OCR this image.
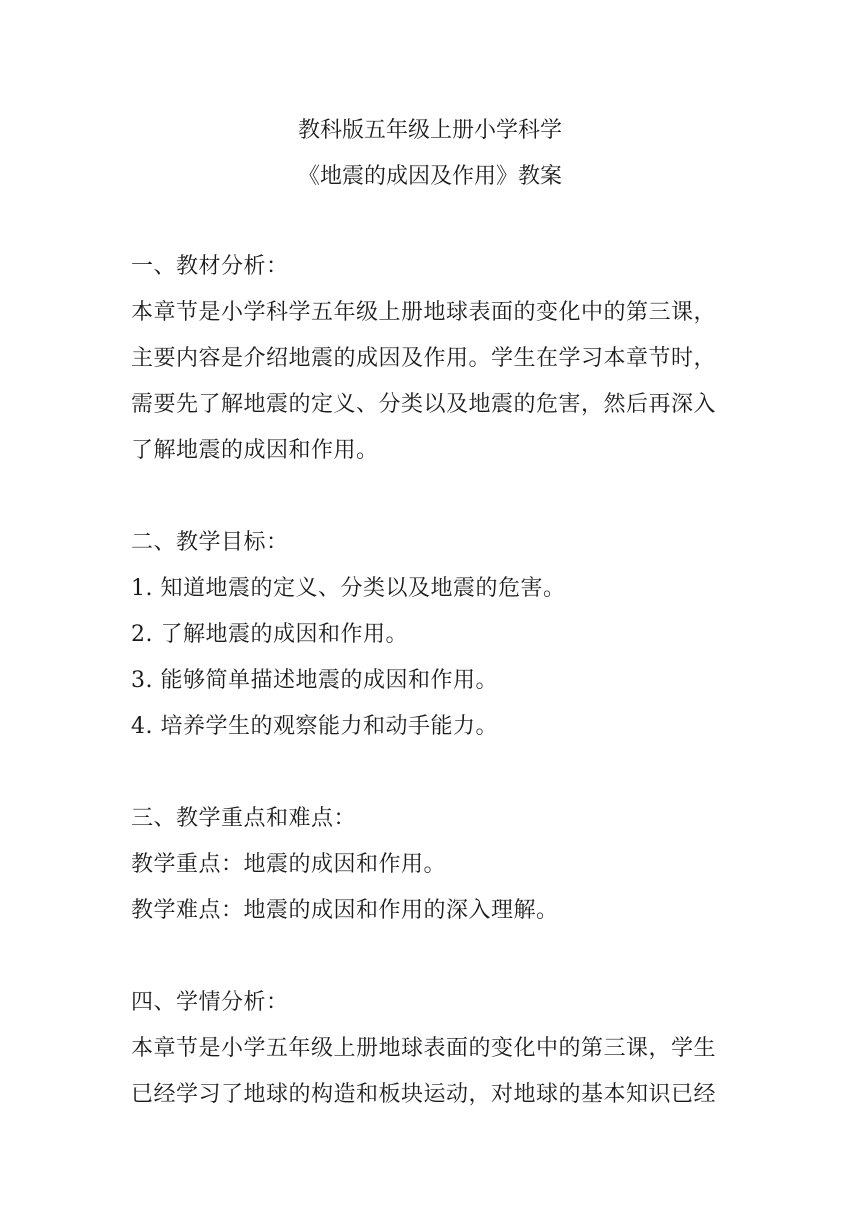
教科版五年级上册小学科学
《地震的成因及作用》教案
一、教材分析：
本章节是小学科学五年级上册地球表面的变化中的第三课，
主要内容是介绍地震的成因及作用。学生在学习本章节时，
需要先了解地震的定义、分类以及地震的危害，然后再深入
了解地震的成因和作用。
二、教学目标：
1. 知道地震的定义、分类以及地震的危害。
2. 了解地震的成因和作用。
3. 能够简单描述地震的成因和作用。
4. 培养学生的观察能力和动手能力。
三、教学重点和难点：
教学重点：地震的成因和作用。
教学难点：地震的成因和作用的深入理解。
四、学情分析：
本章节是小学五年级上册地球表面的变化中的第三课，学生
已经学习了地球的构造和板块运动，对地球的基本知识已经
